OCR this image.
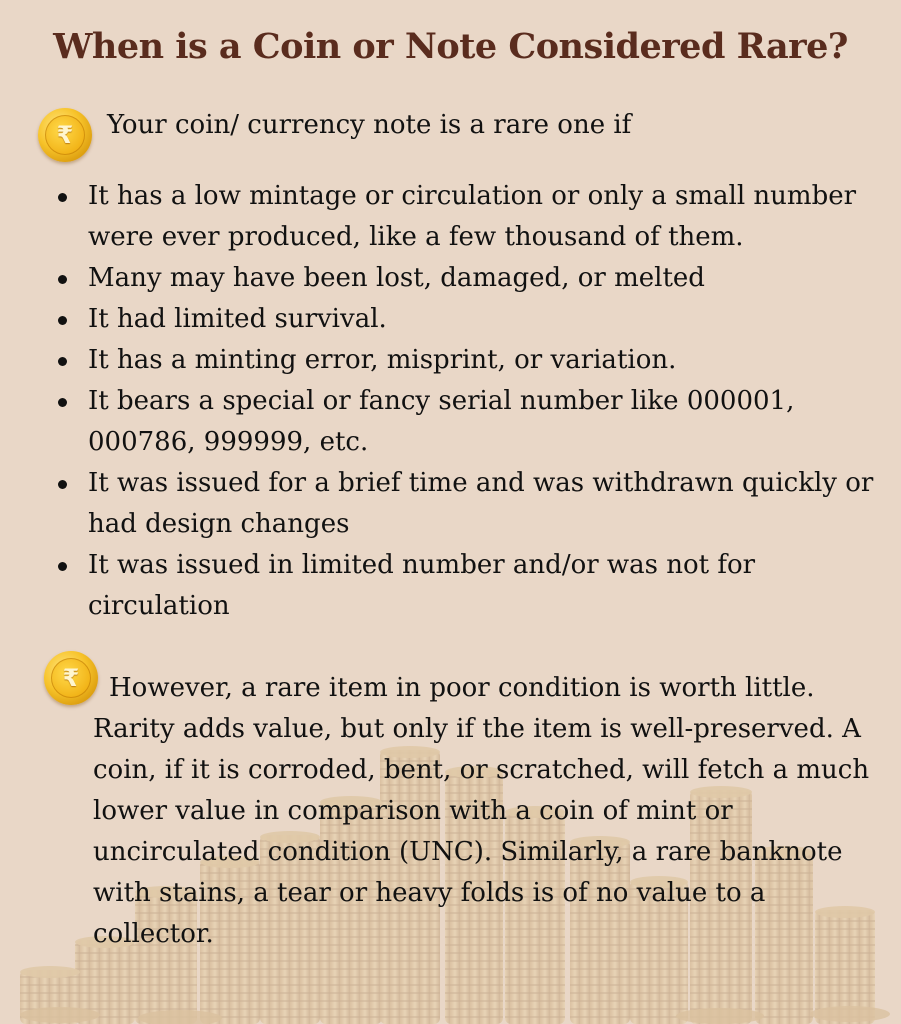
When is a Coin or Note Considered Rare?
₹	Your coin/ currency note is a rare one if
It has a low mintage or circulation or only a small number were ever produced, like a few thousand of them.
Many may have been lost, damaged, or melted
It had limited survival.
It has a minting error, misprint, or variation.
It bears a special or fancy serial number like 000001, 000786, 999999, etc.
It was issued for a brief time and was withdrawn quickly or had design changes
It was issued in limited number and/or was not for circulation
₹	However, a rare item in poor condition is worth little. Rarity adds value, but only if the item is well-preserved. A coin, if it is corroded, bent, or scratched, will fetch a much lower value in comparison with a coin of mint or uncirculated condition (UNC). Similarly, a rare banknote with stains, a tear or heavy folds is of no value to a collector.
